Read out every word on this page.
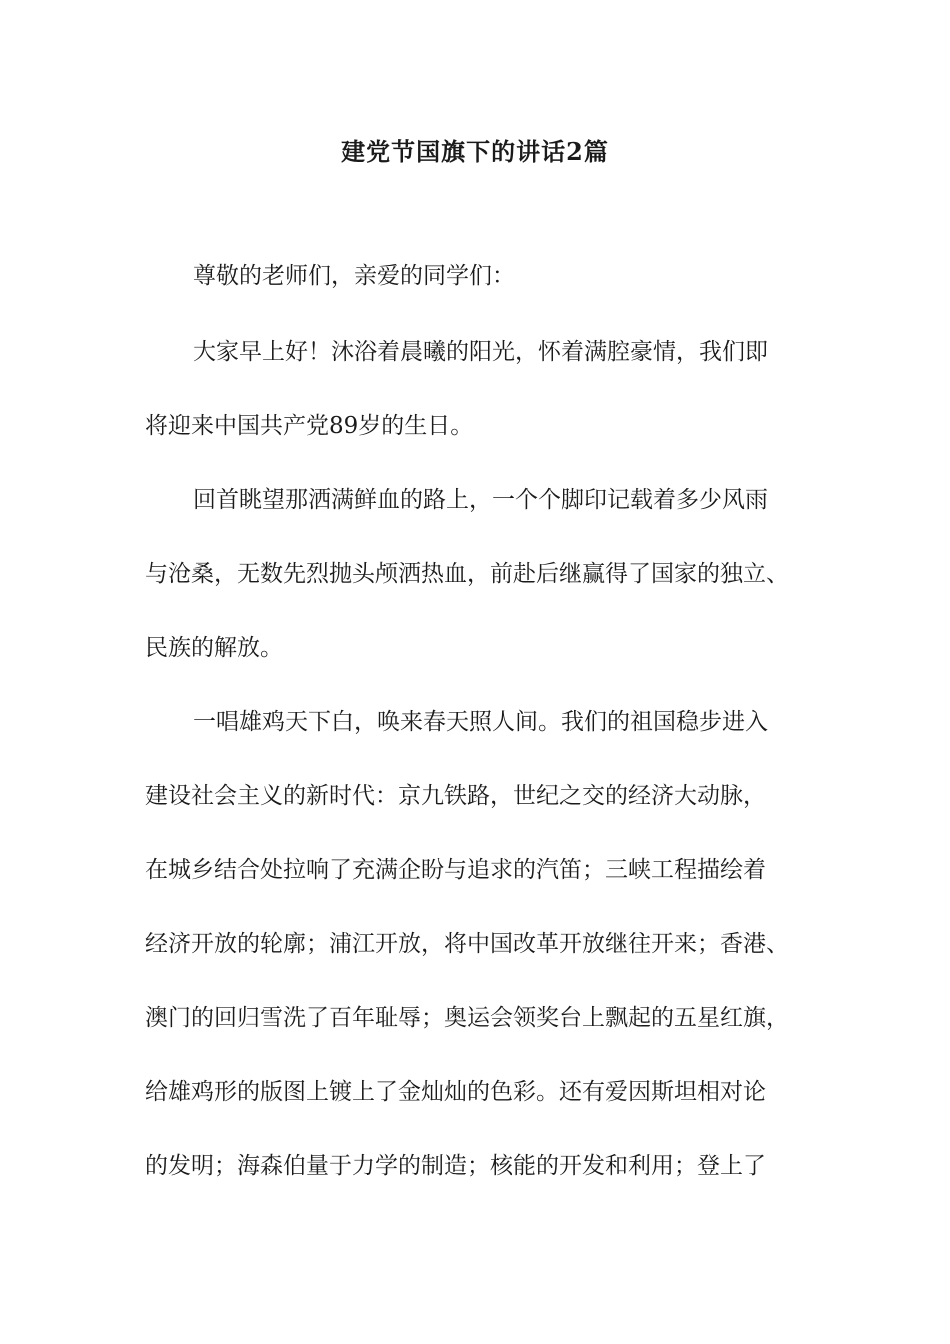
建党节国旗下的讲话2篇
尊敬的老师们，亲爱的同学们：
大家早上好！沐浴着晨曦的阳光，怀着满腔豪情，我们即
将迎来中国共产党89岁的生日。
回首眺望那洒满鲜血的路上，一个个脚印记载着多少风雨
与沧桑，无数先烈抛头颅洒热血，前赴后继赢得了国家的独立、
民族的解放。
一唱雄鸡天下白，唤来春天照人间。我们的祖国稳步进入
建设社会主义的新时代：京九铁路，世纪之交的经济大动脉，
在城乡结合处拉响了充满企盼与追求的汽笛；三峡工程描绘着
经济开放的轮廓；浦江开放，将中国改革开放继往开来；香港、
澳门的回归雪洗了百年耻辱；奥运会领奖台上飘起的五星红旗，
给雄鸡形的版图上镀上了金灿灿的色彩。还有爱因斯坦相对论
的发明；海森伯量于力学的制造；核能的开发和利用；登上了
